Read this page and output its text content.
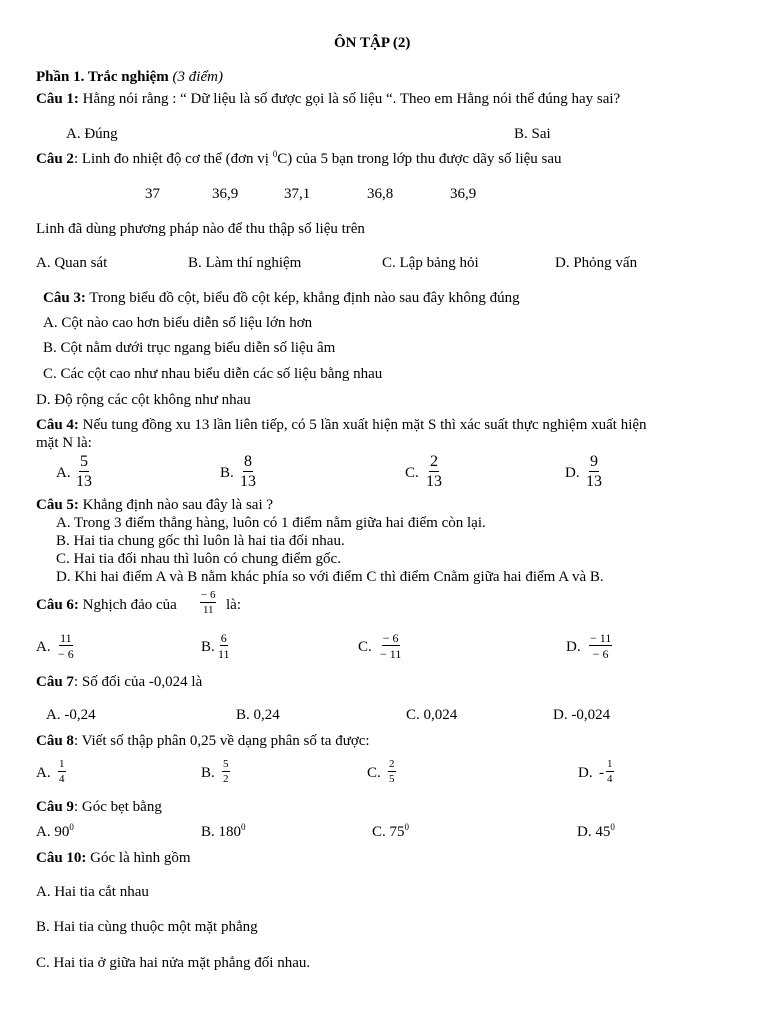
ÔN TẬP (2)
Phần 1. Trắc nghiệm (3 điểm)
Câu 1: Hằng nói rằng : “ Dữ liệu là số được gọi là số liệu “. Theo em Hằng nói thế đúng hay sai?
A. Đúng	B. Sai
Câu 2: Linh đo nhiệt độ cơ thể (đơn vị $^0$C) của 5 bạn trong lớp thu được dãy số liệu sau
37	36,9	37,1	36,8	36,9
Linh đã dùng phương pháp nào để thu thập số liệu trên
A. Quan sát	B. Làm thí nghiệm	C. Lập bảng hỏi	D. Phỏng vấn
Câu 3: Trong biểu đồ cột, biểu đồ cột kép, khẳng định nào sau đây không đúng
A. Cột nào cao hơn biểu diễn số liệu lớn hơn
B. Cột nằm dưới trục ngang biểu diễn số liệu âm
C. Các cột cao như nhau biểu diễn các số liệu bằng nhau
D. Độ rộng các cột không như nhau
Câu 4: Nếu tung đồng xu 13 lần liên tiếp, có 5 lần xuất hiện mặt S thì xác suất thực nghiệm xuất hiện
mặt N là:
A. $\frac{5}{13}$	B. $\frac{8}{13}$	C. $\frac{2}{13}$	D. $\frac{9}{13}$
Câu 5: Khẳng định nào sau đây là sai ?
A. Trong 3 điểm thẳng hàng, luôn có 1 điểm nằm giữa hai điểm còn lại.
B. Hai tia chung gốc thì luôn là hai tia đối nhau.
C. Hai tia đối nhau thì luôn có chung điểm gốc.
D. Khi hai điểm A và B nằm khác phía so với điểm C thì điểm Cnằm giữa hai điểm A và B.
Câu 6: Nghịch đảo của $\frac{- 6}{11}$ là:
A. $\frac{11}{- 6}$	B. $\frac{6}{11}$	C. $\frac{- 6}{- 11}$	D. $\frac{- 11}{- 6}$
Câu 7: Số đối của -0,024 là
A. -0,24	B. 0,24	C. 0,024	D. -0,024
Câu 8: Viết số thập phân 0,25 về dạng phân số ta được:
A. $\frac{1}{4}$	B. $\frac{5}{2}$	C. $\frac{2}{5}$	D. - $\frac{1}{4}$
Câu 9: Góc bẹt bằng
A. $90^0$	B. $180^0$	C. $75^0$	D. $45^0$
Câu 10: Góc là hình gồm
A. Hai tia cắt nhau
B. Hai tia cùng thuộc một mặt phẳng
C. Hai tia ở giữa hai nửa mặt phẳng đối nhau.
